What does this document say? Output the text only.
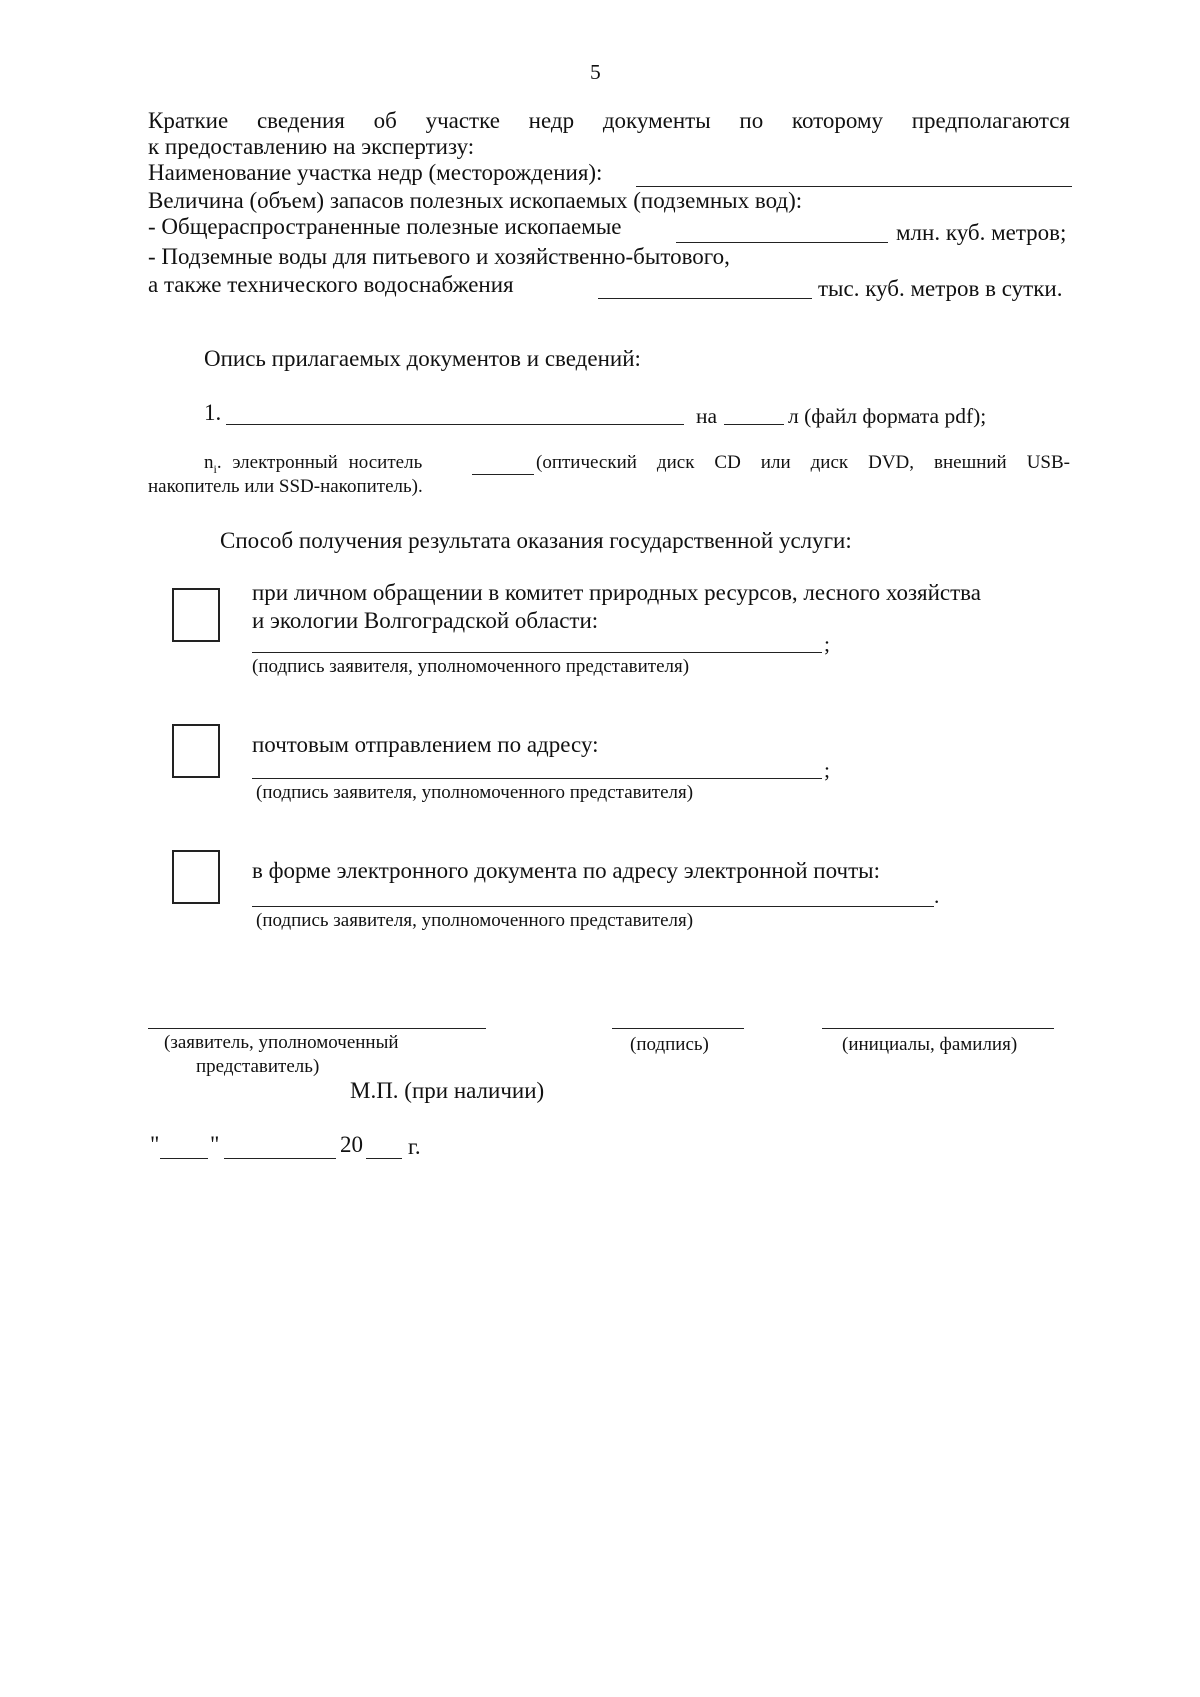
5
Краткие сведения об участке недр документы по которому предполагаются
к предоставлению на экспертизу:
Наименование участка недр (месторождения):
Величина (объем) запасов полезных ископаемых (подземных вод):
- Общераспространенные полезные ископаемые	млн. куб. метров;
- Подземные воды для питьевого и хозяйственно-бытового,
а также технического водоснабжения	тыс. куб. метров в сутки.
Опись прилагаемых документов и сведений:
1.	на	л (файл формата pdf);
$n_i$. электронный носитель	(оптический диск CD или диск DVD, внешний USB-
накопитель или SSD-накопитель).
Способ получения результата оказания государственной услуги:
при личном обращении в комитет природных ресурсов, лесного хозяйства
и экологии Волгоградской области:
;
(подпись заявителя, уполномоченного представителя)
почтовым отправлением по адресу:
;
(подпись заявителя, уполномоченного представителя)
в форме электронного документа по адресу электронной почты:
.
(подпись заявителя, уполномоченного представителя)
(заявитель, уполномоченный
представитель)
(подпись)	(инициалы, фамилия)
М.П. (при наличии)
" "	20 г.
